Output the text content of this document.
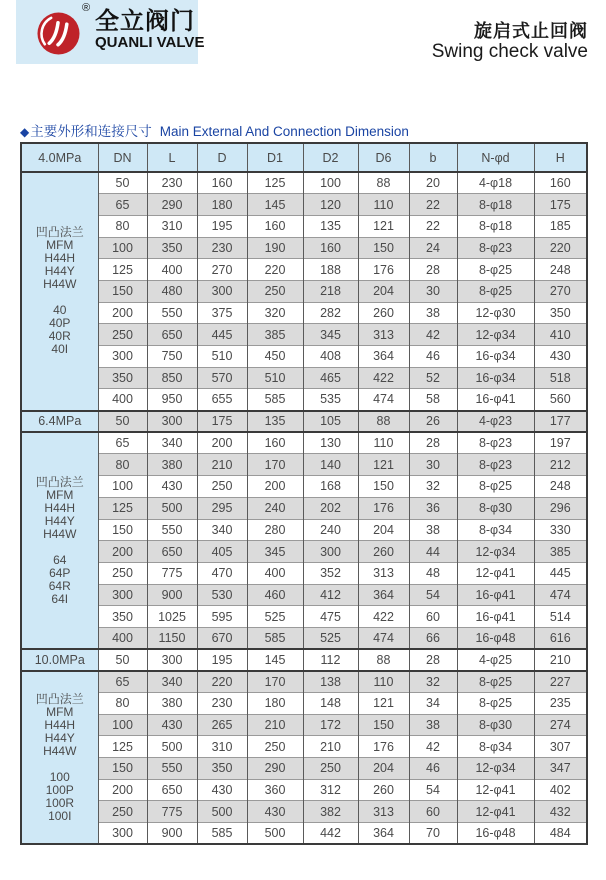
® 全立阀门
QUANLI VALVE
旋启式止回阀
Swing check valve
◆主要外形和连接尺寸 Main External And Connection Dimension
4.0MPa	DN	L	D	D1	D2	D6	b	N-φd	H

凹凸法兰
MFM
H44H
H44Y
H44W
40
40P
40R
40I
	50	230	160	125	100	88	20	4-φ18	160
	65	290	180	145	120	110	22	8-φ18	175
	80	310	195	160	135	121	22	8-φ18	185
	100	350	230	190	160	150	24	8-φ23	220
	125	400	270	220	188	176	28	8-φ25	248
	150	480	300	250	218	204	30	8-φ25	270
	200	550	375	320	282	260	38	12-φ30	350
	250	650	445	385	345	313	42	12-φ34	410
	300	750	510	450	408	364	46	16-φ34	430
	350	850	570	510	465	422	52	16-φ34	518
	400	950	655	585	535	474	58	16-φ41	560
6.4MPa	50	300	175	135	105	88	26	4-φ23	177

凹凸法兰
MFM
H44H
H44Y
H44W
64
64P
64R
64I
	65	340	200	160	130	110	28	8-φ23	197
	80	380	210	170	140	121	30	8-φ23	212
	100	430	250	200	168	150	32	8-φ25	248
	125	500	295	240	202	176	36	8-φ30	296
	150	550	340	280	240	204	38	8-φ34	330
	200	650	405	345	300	260	44	12-φ34	385
	250	775	470	400	352	313	48	12-φ41	445
	300	900	530	460	412	364	54	16-φ41	474
	350	1025	595	525	475	422	60	16-φ41	514
	400	1150	670	585	525	474	66	16-φ48	616
10.0MPa	50	300	195	145	112	88	28	4-φ25	210

凹凸法兰
MFM
H44H
H44Y
H44W
100
100P
100R
100I
	65	340	220	170	138	110	32	8-φ25	227
	80	380	230	180	148	121	34	8-φ25	235
	100	430	265	210	172	150	38	8-φ30	274
	125	500	310	250	210	176	42	8-φ34	307
	150	550	350	290	250	204	46	12-φ34	347
	200	650	430	360	312	260	54	12-φ41	402
	250	775	500	430	382	313	60	12-φ41	432
	300	900	585	500	442	364	70	16-φ48	484
